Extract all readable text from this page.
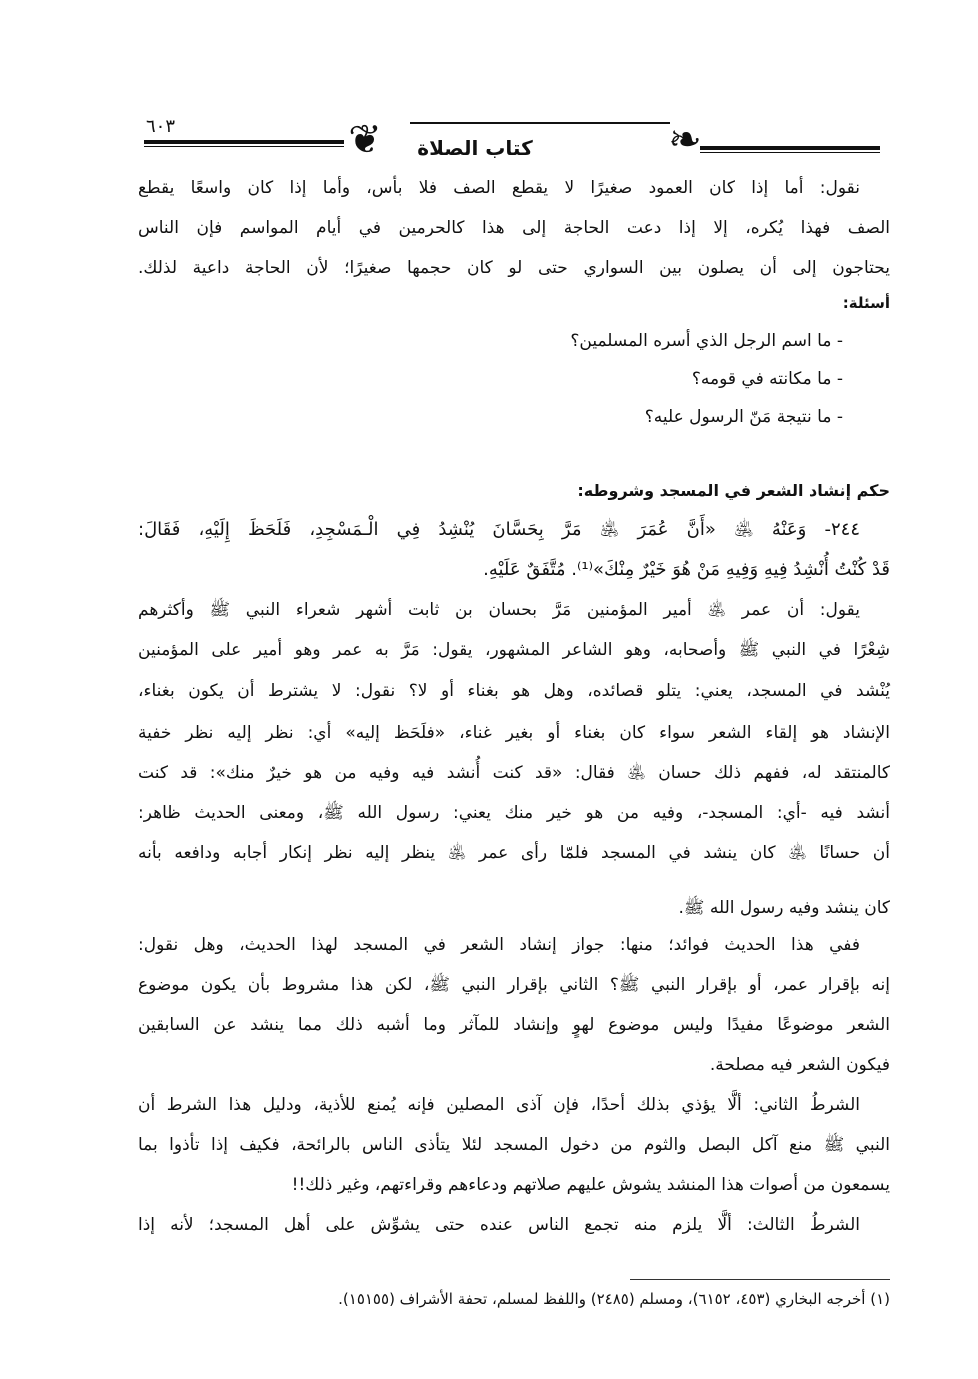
❦	❧
كتاب الصلاة
٦٠٣
نقول: أما إذا كان العمود صغيرًا لا يقطع الصف فلا بأس، وأما إذا كان واسعًا يقطع
الصف فهذا يُكره، إلا إذا دعت الحاجة إلى هذا كالحرمين في أيام المواسم فإن الناس
يحتاجون إلى أن يصلون بين السواري حتى لو كان حجمها صغيرًا؛ لأن الحاجة داعية لذلك.
أسئلة:
- ما اسم الرجل الذي أسره المسلمين؟
- ما مكانته في قومه؟
- ما نتيجة مَنّ الرسول عليه؟
حكم إنشاد الشعر في المسجد وشروطه:
٢٤٤- وَعَنْهُ ﵁ «أَنَّ عُمَرَ ﵁ مَرَّ بِحَسَّانَ يُنْشِدُ فِي الْـمَسْجِدِ، فَلَحَظَ إِلَيْهِ، فَقَالَ:
قَدْ كُنْتُ أُنْشِدُ فِيهِ وَفِيهِ مَنْ هُوَ خَيْرٌ مِنْكَ»⁽¹⁾. مُتَّفَقٌ عَلَيْهِ.
يقول: أن عمر ﵁ أمير المؤمنين مَرَّ بحسان بن ثابت أشهر شعراء النبي ﷺ وأكثرهم
شِعْرًا في النبي ﷺ وأصحابه، وهو الشاعر المشهور، يقول: مَرَّ به عمر وهو أمير على المؤمنين
يُنْشد في المسجد، يعني: يتلو قصائده، وهل هو بغناء أو لا؟ نقول: لا يشترط أن يكون بغناء،
الإنشاد هو إلقاء الشعر سواء كان بغناء أو بغير غناء، «فلَحَظ إليه» أي: نظر إليه نظر خفية
كالمنتقد له، ففهم ذلك حسان ﵁ فقال: «قد كنت أُنشد فيه وفيه من هو خيرٌ منك»: قد كنت
أنشد فيه -أي: المسجد-، وفيه من هو خير منك يعني: رسول الله ﷺ، ومعنى الحديث ظاهر:
أن حسانًا ﵁ كان ينشد في المسجد فلمّا رأى عمر ﵁ ينظر إليه نظر إنكار أجابه ودافعه بأنه
كان ينشد وفيه رسول الله ﷺ.
ففي هذا الحديث فوائد؛ منها: جواز إنشاد الشعر في المسجد لهذا الحديث، وهل نقول:
إنه بإقرار عمر، أو بإقرار النبي ﷺ؟ الثاني بإقرار النبي ﷺ، لكن هذا مشروط بأن يكون موضوع
الشعر موضوعًا مفيدًا وليس موضوع لهوٍ وإنشاد للمآثر وما أشبه ذلك مما ينشد عن السابقين
فيكون الشعر فيه مصلحة.
الشرطُ الثاني: ألَّا يؤذي بذلك أحدًا، فإن آذى المصلين فإنه يُمنع للأذية، ودليل هذا الشرط أن
النبي ﷺ منع آكل البصل والثوم من دخول المسجد لئلا يتأذى الناس بالرائحة، فكيف إذا تأذوا بما
يسمعون من أصوات هذا المنشد يشوش عليهم صلاتهم ودعاءهم وقراءتهم، وغير ذلك!!
الشرطُ الثالث: ألَّا يلزم منه تجمع الناس عنده حتى يشوِّش على أهل المسجد؛ لأنه إذا
(١) أخرجه البخاري (٤٥٣، ٦١٥٢)، ومسلم (٢٤٨٥) واللفظ لمسلم، تحفة الأشراف (١٥١٥٥).
